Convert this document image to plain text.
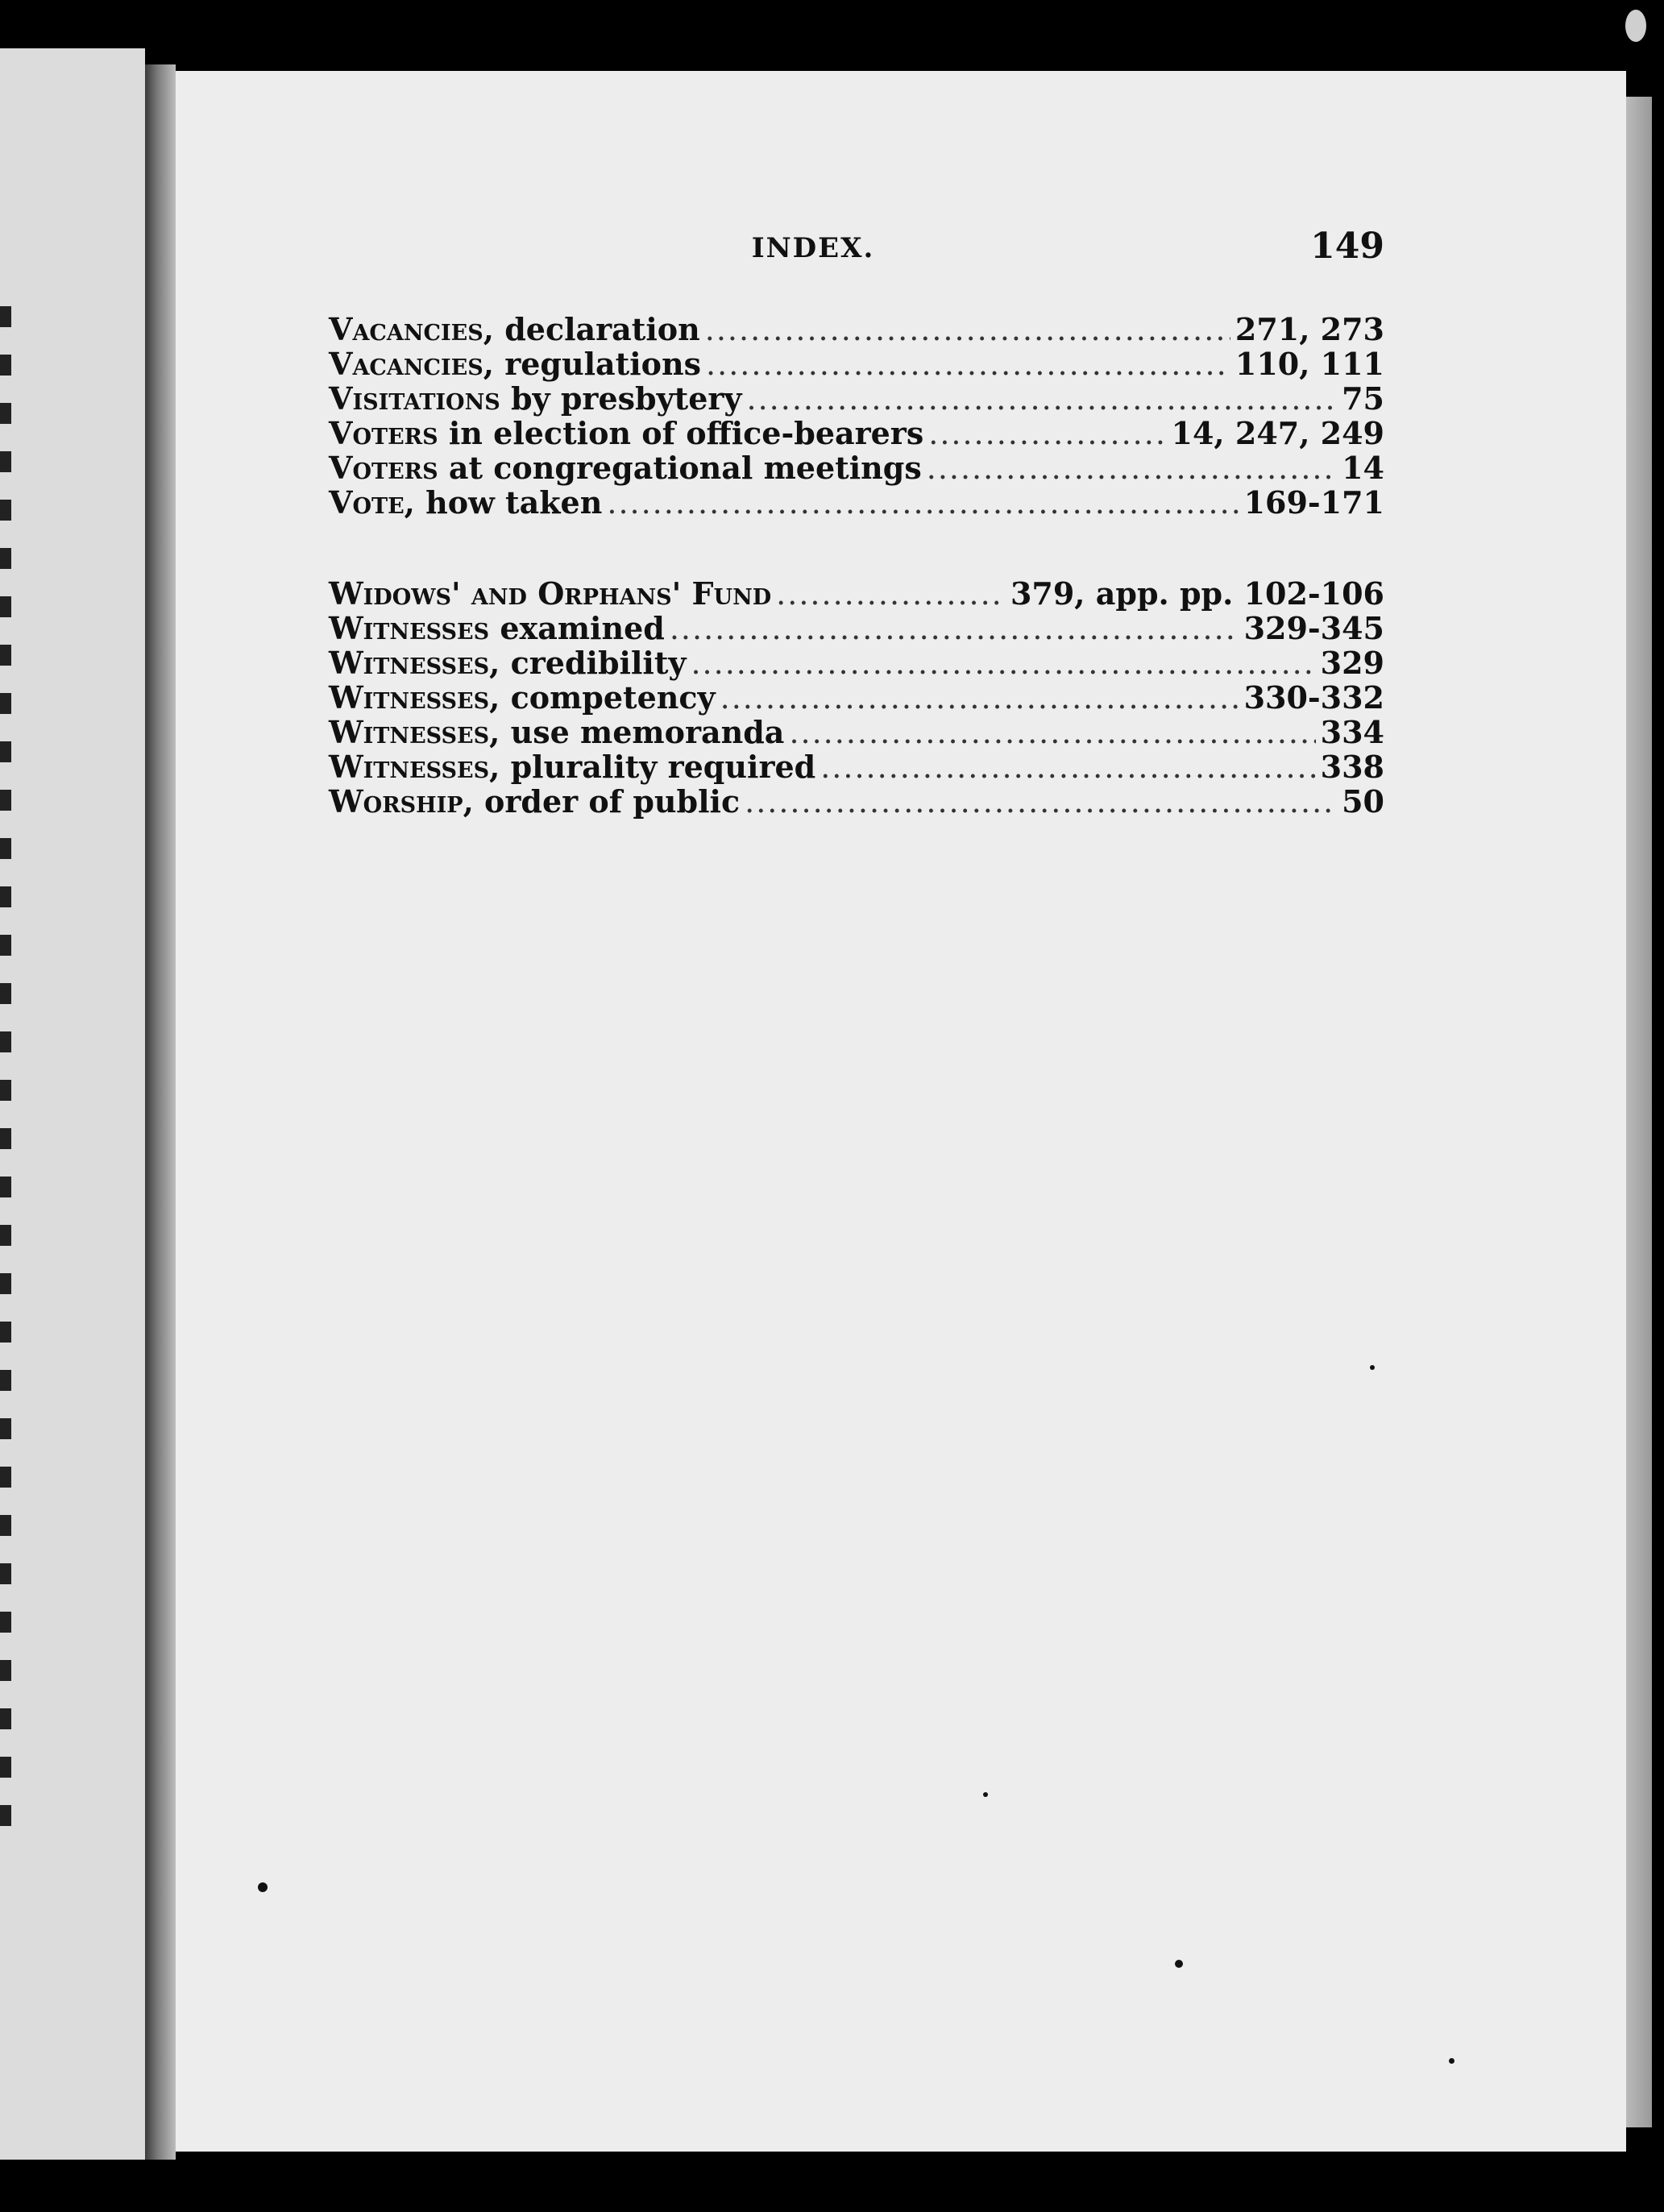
INDEX.	149
Vacancies, declaration .....	271, 273
Vacancies, regulations .....	110, 111
Visitations by presbytery .....	75
Voters in election of office-bearers .....	14, 247, 249
Voters at congregational meetings .....	14
Vote, how taken .....	169-171
Widows' and Orphans' Fund .....	379, app. pp. 102-106
Witnesses examined .....	329-345
Witnesses, credibility .....	329
Witnesses, competency .....	330-332
Witnesses, use memoranda .....	334
Witnesses, plurality required .....	338
Worship, order of public .....	50
